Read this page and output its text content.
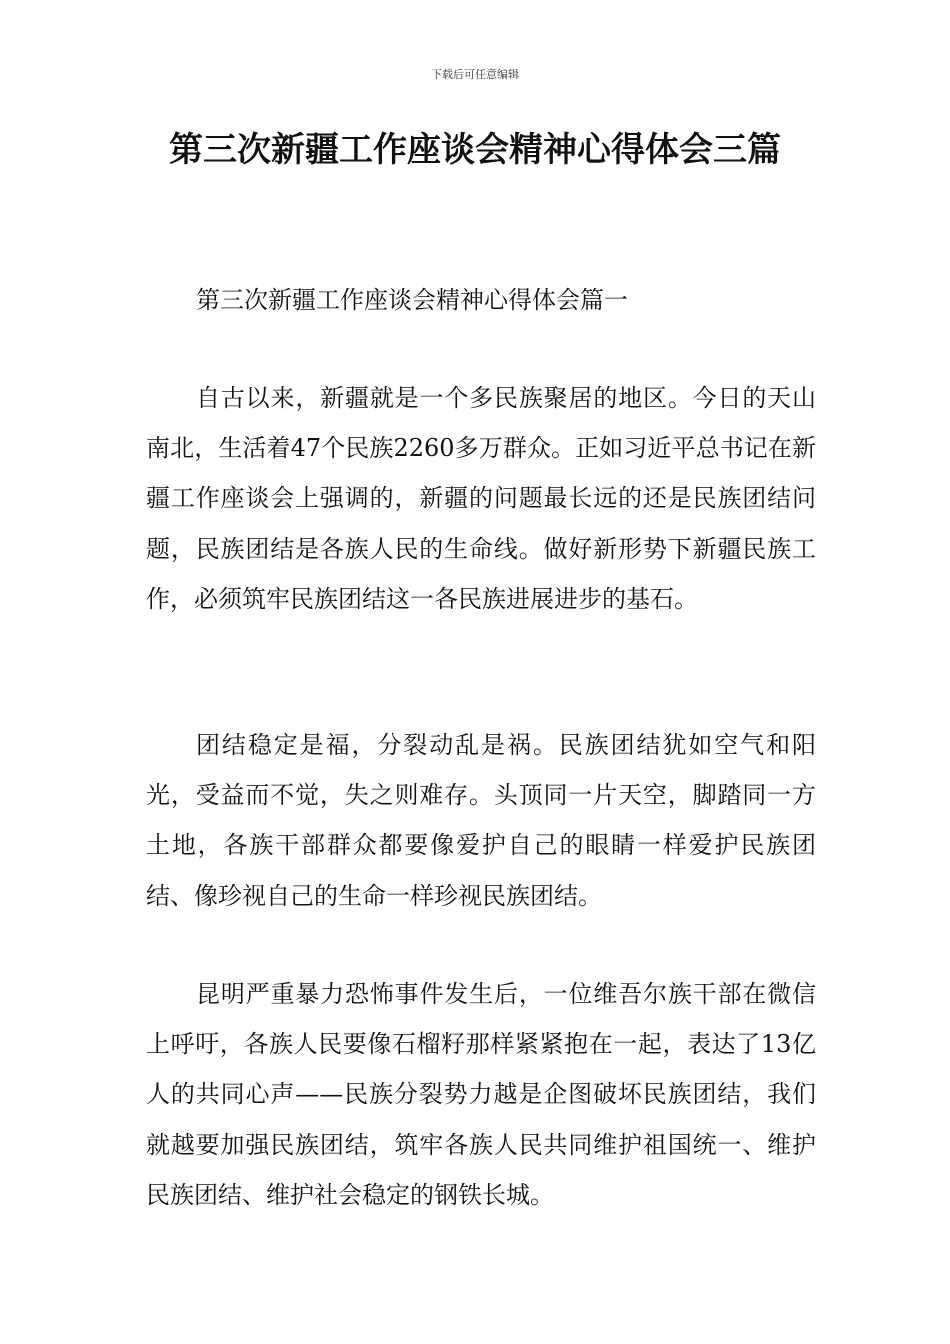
下载后可任意编辑
第三次新疆工作座谈会精神心得体会三篇
第三次新疆工作座谈会精神心得体会篇一

自古以来，新疆就是一个多民族聚居的地区。今日的天山南北，生活着47个民族2260多万群众。正如习近平总书记在新疆工作座谈会上强调的，新疆的问题最长远的还是民族团结问题，民族团结是各族人民的生命线。做好新形势下新疆民族工作，必须筑牢民族团结这一各民族进展进步的基石。

团结稳定是福，分裂动乱是祸。民族团结犹如空气和阳光，受益而不觉，失之则难存。头顶同一片天空，脚踏同一方土地，各族干部群众都要像爱护自己的眼睛一样爱护民族团结、像珍视自己的生命一样珍视民族团结。

昆明严重暴力恐怖事件发生后，一位维吾尔族干部在微信上呼吁，各族人民要像石榴籽那样紧紧抱在一起，表达了13亿人的共同心声——民族分裂势力越是企图破坏民族团结，我们就越要加强民族团结，筑牢各族人民共同维护祖国统一、维护民族团结、维护社会稳定的钢铁长城。
